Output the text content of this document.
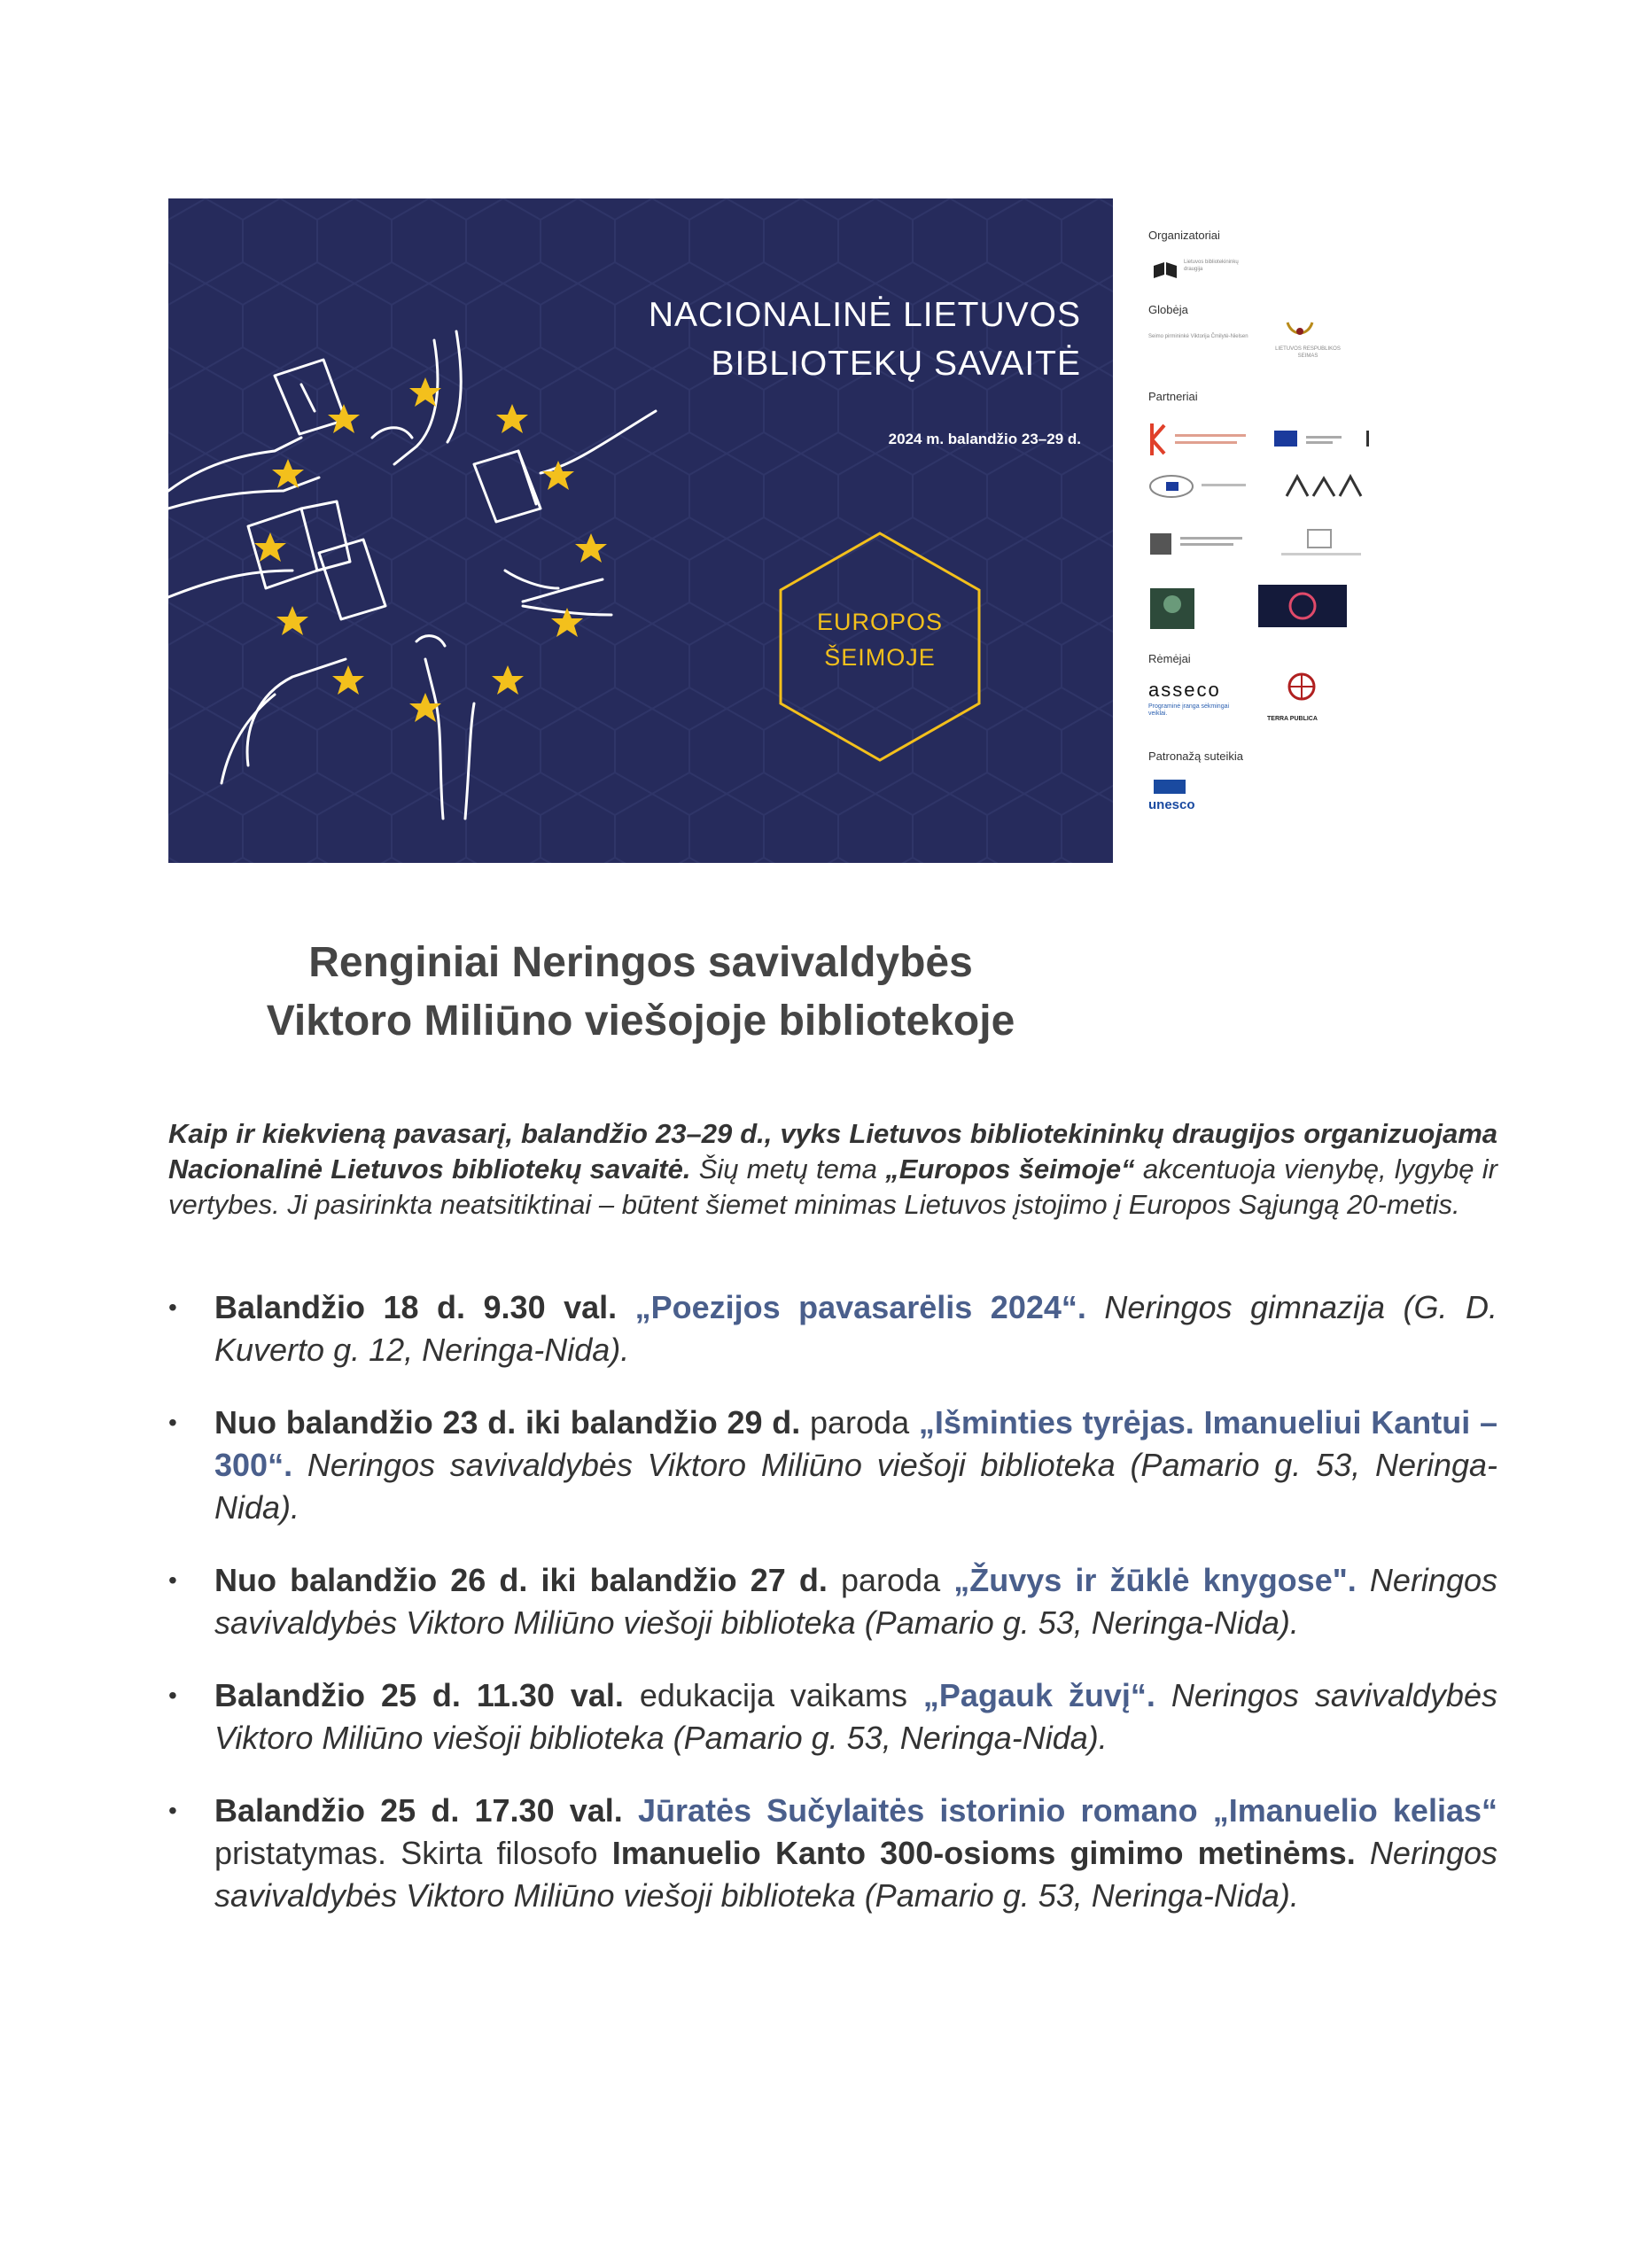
NACIONALINĖ LIETUVOS
BIBLIOTEKŲ SAVAITĖ
2024 m. balandžio 23–29 d.
EUROPOS
ŠEIMOJE
Organizatoriai
Lietuvos bibliotekininkų draugija
Globėja
Seimo pirmininkė Viktorija Čmilytė-Nielsen
LIETUVOS RESPUBLIKOS SEIMAS
Partneriai
Rėmėjai
asseco
Programinė įranga sėkmingai veiklai.
TERRA PUBLICA
Patronažą suteikia
unesco
Renginiai Neringos savivaldybės
Viktoro Miliūno viešojoje bibliotekoje
Kaip ir kiekvieną pavasarį, balandžio 23–29 d., vyks Lietuvos bibliotekininkų draugijos organizuojama Nacionalinė Lietuvos bibliotekų savaitė. Šių metų tema „Europos šeimoje“ akcentuoja vienybę, lygybę ir vertybes. Ji pasirinkta neatsitiktinai – būtent šiemet minimas Lietuvos įstojimo į Europos Sąjungą 20-metis.
• Balandžio 18 d. 9.30 val. „Poezijos pavasarėlis 2024“. Neringos gimnazija (G. D. Kuverto g. 12, Neringa-Nida).
• Nuo balandžio 23 d. iki balandžio 29 d. paroda „Išminties tyrėjas. Imanueliui Kantui – 300“. Neringos savivaldybės Viktoro Miliūno viešoji biblioteka (Pamario g. 53, Neringa-Nida).
• Nuo balandžio 26 d. iki balandžio 27 d. paroda „Žuvys ir žūklė knygose". Neringos savivaldybės Viktoro Miliūno viešoji biblioteka (Pamario g. 53, Neringa-Nida).
• Balandžio 25 d. 11.30 val. edukacija vaikams „Pagauk žuvį“. Neringos savivaldybės Viktoro Miliūno viešoji biblioteka (Pamario g. 53, Neringa-Nida).
• Balandžio 25 d. 17.30 val. Jūratės Sučylaitės istorinio romano „Imanuelio kelias“ pristatymas. Skirta filosofo Imanuelio Kanto 300-osioms gimimo metinėms. Neringos savivaldybės Viktoro Miliūno viešoji biblioteka (Pamario g. 53, Neringa-Nida).
